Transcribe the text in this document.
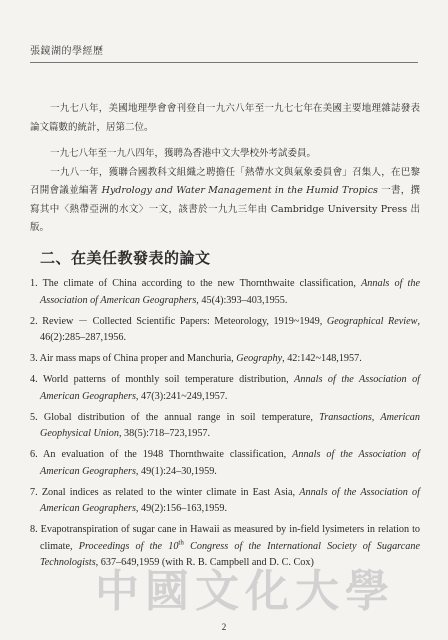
張鏡湖的學經歷

一九七八年，美國地理學會會刊登自一九六八年至一九七七年在美國主要地理雜誌發表論文篇數的統計，居第二位。

一九七八年至一九八四年，獲聘為香港中文大學校外考試委員。
一九八一年，獲聯合國教科文組織之聘擔任「熱帶水文與氣象委員會」召集人，在巴黎召開會議並編著 Hydrology and Water Management in the Humid Tropics 一書，撰寫其中〈熱帶亞洲的水文〉一文，該書於一九九三年由 Cambridge University Press 出版。

二、在美任教發表的論文
1. The climate of China according to the new Thornthwaite classification, Annals of the Association of American Geographers, 45(4):393–403,1955.
2. Review － Collected Scientific Papers: Meteorology, 1919~1949, Geographical Review, 46(2):285–287,1956.
3. Air mass maps of China proper and Manchuria, Geography, 42:142~148,1957.
4. World patterns of monthly soil temperature distribution, Annals of the Association of American Geographers, 47(3):241~249,1957.
5. Global distribution of the annual range in soil temperature, Transactions, American Geophysical Union, 38(5):718–723,1957.
6. An evaluation of the 1948 Thornthwaite classification, Annals of the Association of American Geographers, 49(1):24–30,1959.
7. Zonal indices as related to the winter climate in East Asia, Annals of the Association of American Geographers, 49(2):156–163,1959.
8. Evapotranspiration of sugar cane in Hawaii as measured by in-field lysimeters in relation to climate, Proceedings of the 10th Congress of the International Society of Sugarcane Technologists, 637–649,1959 (with R. B. Campbell and D. C. Cox)
中國文化大學
2
